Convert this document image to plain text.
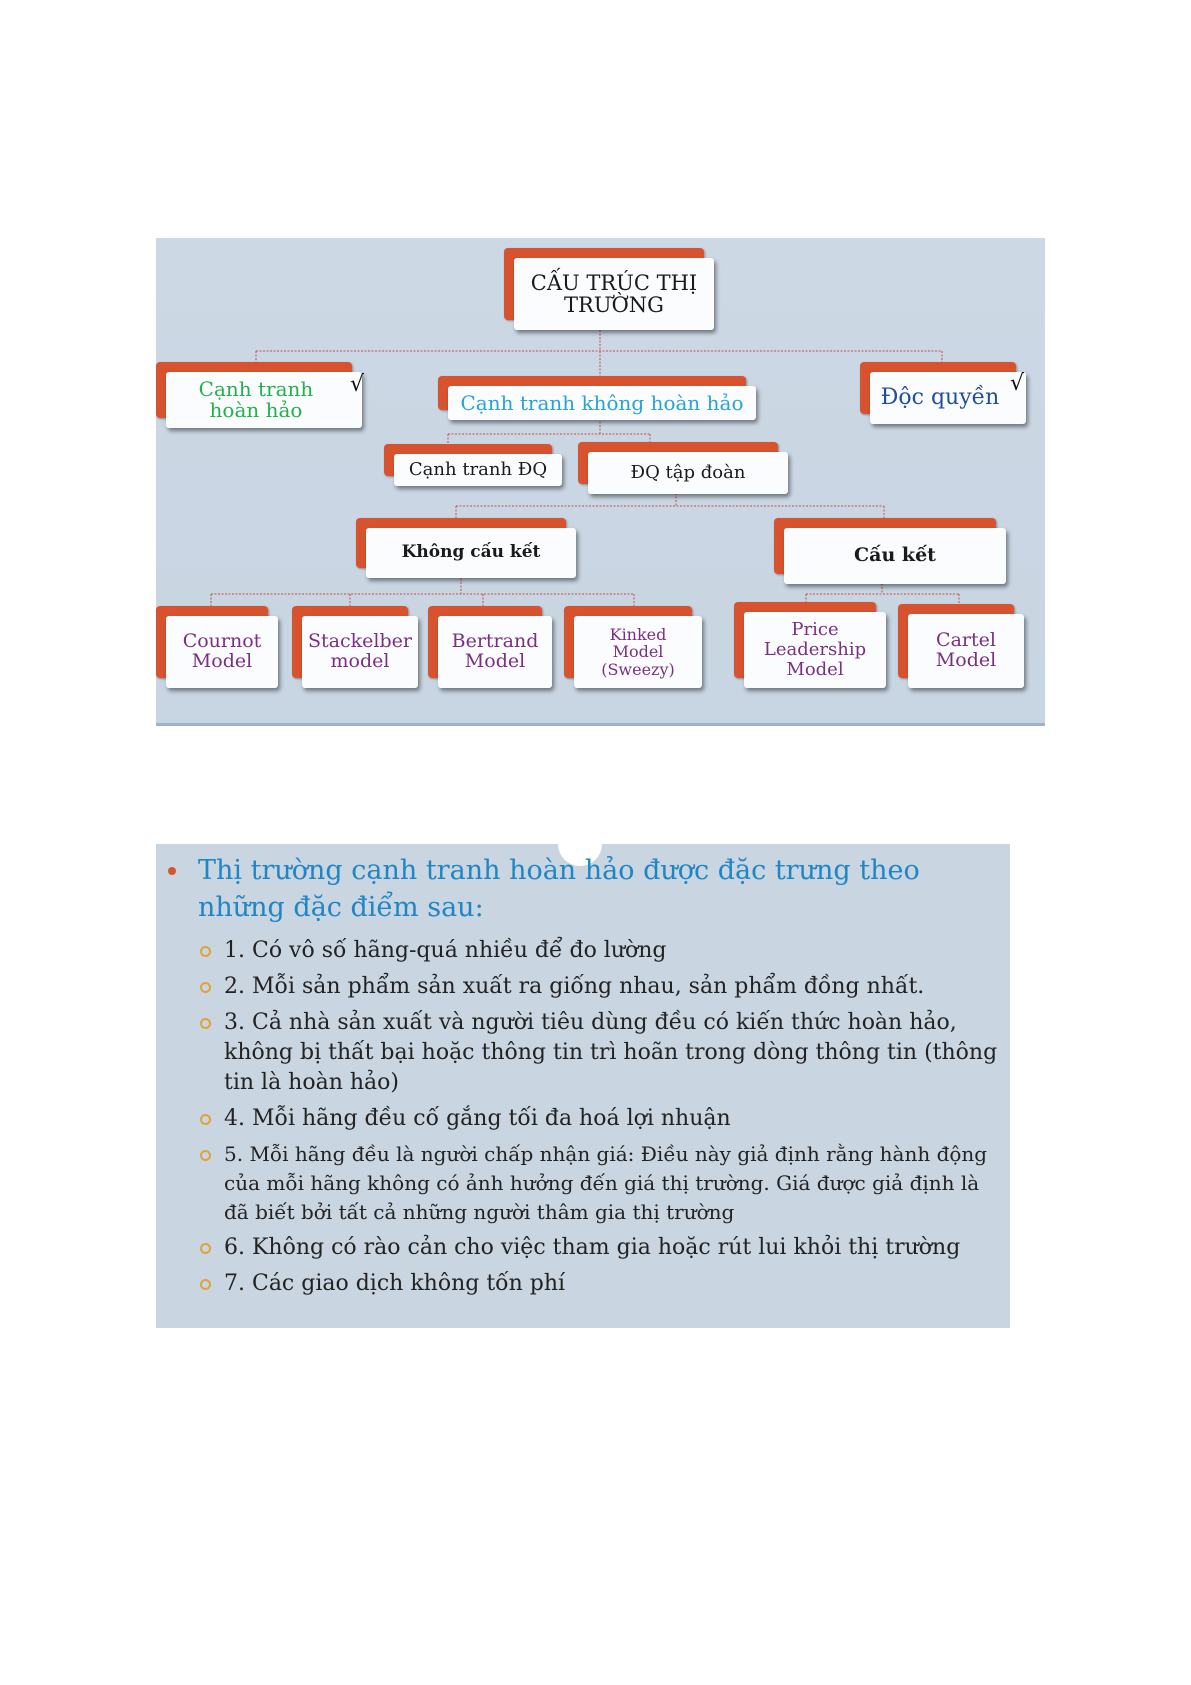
CẤU TRÚC THỊ TRƯỜNG
Cạnh tranh hoàn hảo
√
Cạnh tranh không hoàn hảo	Độc quyền
√
Cạnh tranh ĐQ	ĐQ tập đoàn
Không cấu kết	Cấu kết
Cournot Model
Stackelber model
Bertrand Model
Kinked Model (Sweezy)
Price Leadership Model
Cartel Model
Thị trường cạnh tranh hoàn hảo được đặc trưng theo những đặc điểm sau:
1. Có vô số hãng-quá nhiều để đo lường
2. Mỗi sản phẩm sản xuất ra giống nhau, sản phẩm đồng nhất.
3. Cả nhà sản xuất và người tiêu dùng đều có kiến thức hoàn hảo, không bị thất bại hoặc thông tin trì hoãn trong dòng thông tin (thông tin là hoàn hảo)
4. Mỗi hãng đều cố gắng tối đa hoá lợi nhuận
5. Mỗi hãng đều là người chấp nhận giá: Điều này giả định rằng hành động của mỗi hãng không có ảnh hưởng đến giá thị trường. Giá được giả định là đã biết bởi tất cả những người thâm gia thị trường
6. Không có rào cản cho việc tham gia hoặc rút lui khỏi thị trường
7. Các giao dịch không tốn phí
